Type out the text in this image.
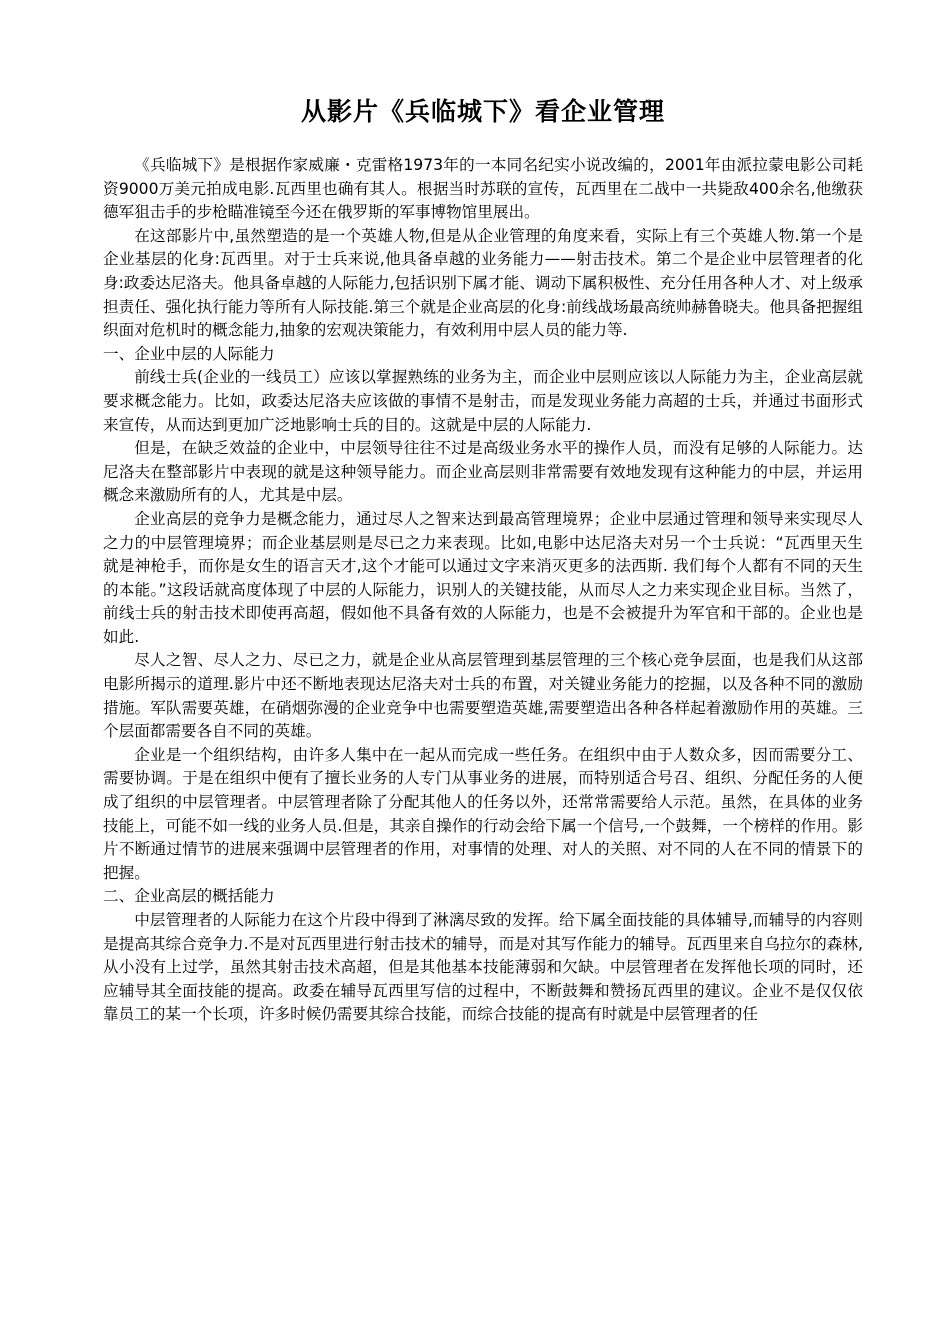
从影片《兵临城下》看企业管理

《兵临城下》是根据作家威廉・克雷格1973年的一本同名纪实小说改编的，2001年由派拉蒙电影公司耗资9000万美元拍成电影.瓦西里也确有其人。根据当时苏联的宣传，瓦西里在二战中一共毙敌400余名,他缴获德军狙击手的步枪瞄准镜至今还在俄罗斯的军事博物馆里展出。

在这部影片中,虽然塑造的是一个英雄人物,但是从企业管理的角度来看，实际上有三个英雄人物.第一个是企业基层的化身:瓦西里。对于士兵来说,他具备卓越的业务能力——射击技术。第二个是企业中层管理者的化身:政委达尼洛夫。他具备卓越的人际能力,包括识别下属才能、调动下属积极性、充分任用各种人才、对上级承担责任、强化执行能力等所有人际技能.第三个就是企业高层的化身:前线战场最高统帅赫鲁晓夫。他具备把握组织面对危机时的概念能力,抽象的宏观决策能力，有效利用中层人员的能力等.

一、企业中层的人际能力

前线士兵(企业的一线员工）应该以掌握熟练的业务为主，而企业中层则应该以人际能力为主，企业高层就要求概念能力。比如，政委达尼洛夫应该做的事情不是射击，而是发现业务能力高超的士兵，并通过书面形式来宣传，从而达到更加广泛地影响士兵的目的。这就是中层的人际能力.

但是，在缺乏效益的企业中，中层领导往往不过是高级业务水平的操作人员，而没有足够的人际能力。达尼洛夫在整部影片中表现的就是这种领导能力。而企业高层则非常需要有效地发现有这种能力的中层，并运用概念来激励所有的人，尤其是中层。

企业高层的竞争力是概念能力，通过尽人之智来达到最高管理境界；企业中层通过管理和领导来实现尽人之力的中层管理境界；而企业基层则是尽已之力来表现。比如,电影中达尼洛夫对另一个士兵说：“瓦西里天生就是神枪手，而你是女生的语言天才,这个才能可以通过文字来消灭更多的法西斯. 我们每个人都有不同的天生的本能。”这段话就高度体现了中层的人际能力，识别人的关键技能，从而尽人之力来实现企业目标。当然了，前线士兵的射击技术即使再高超，假如他不具备有效的人际能力，也是不会被提升为军官和干部的。企业也是如此.

尽人之智、尽人之力、尽已之力，就是企业从高层管理到基层管理的三个核心竞争层面，也是我们从这部电影所揭示的道理.影片中还不断地表现达尼洛夫对士兵的布置，对关键业务能力的挖掘，以及各种不同的激励措施。军队需要英雄，在硝烟弥漫的企业竞争中也需要塑造英雄,需要塑造出各种各样起着激励作用的英雄。三个层面都需要各自不同的英雄。

企业是一个组织结构，由许多人集中在一起从而完成一些任务。在组织中由于人数众多，因而需要分工、需要协调。于是在组织中便有了擅长业务的人专门从事业务的进展，而特别适合号召、组织、分配任务的人便成了组织的中层管理者。中层管理者除了分配其他人的任务以外，还常常需要给人示范。虽然，在具体的业务技能上，可能不如一线的业务人员.但是，其亲自操作的行动会给下属一个信号,一个鼓舞，一个榜样的作用。影片不断通过情节的进展来强调中层管理者的作用，对事情的处理、对人的关照、对不同的人在不同的情景下的把握。

二、企业高层的概括能力

中层管理者的人际能力在这个片段中得到了淋漓尽致的发挥。给下属全面技能的具体辅导,而辅导的内容则是提高其综合竞争力.不是对瓦西里进行射击技术的辅导，而是对其写作能力的辅导。瓦西里来自乌拉尔的森林,从小没有上过学，虽然其射击技术高超，但是其他基本技能薄弱和欠缺。中层管理者在发挥他长项的同时，还应辅导其全面技能的提高。政委在辅导瓦西里写信的过程中，不断鼓舞和赞扬瓦西里的建议。企业不是仅仅依靠员工的某一个长项，许多时候仍需要其综合技能，而综合技能的提高有时就是中层管理者的任
